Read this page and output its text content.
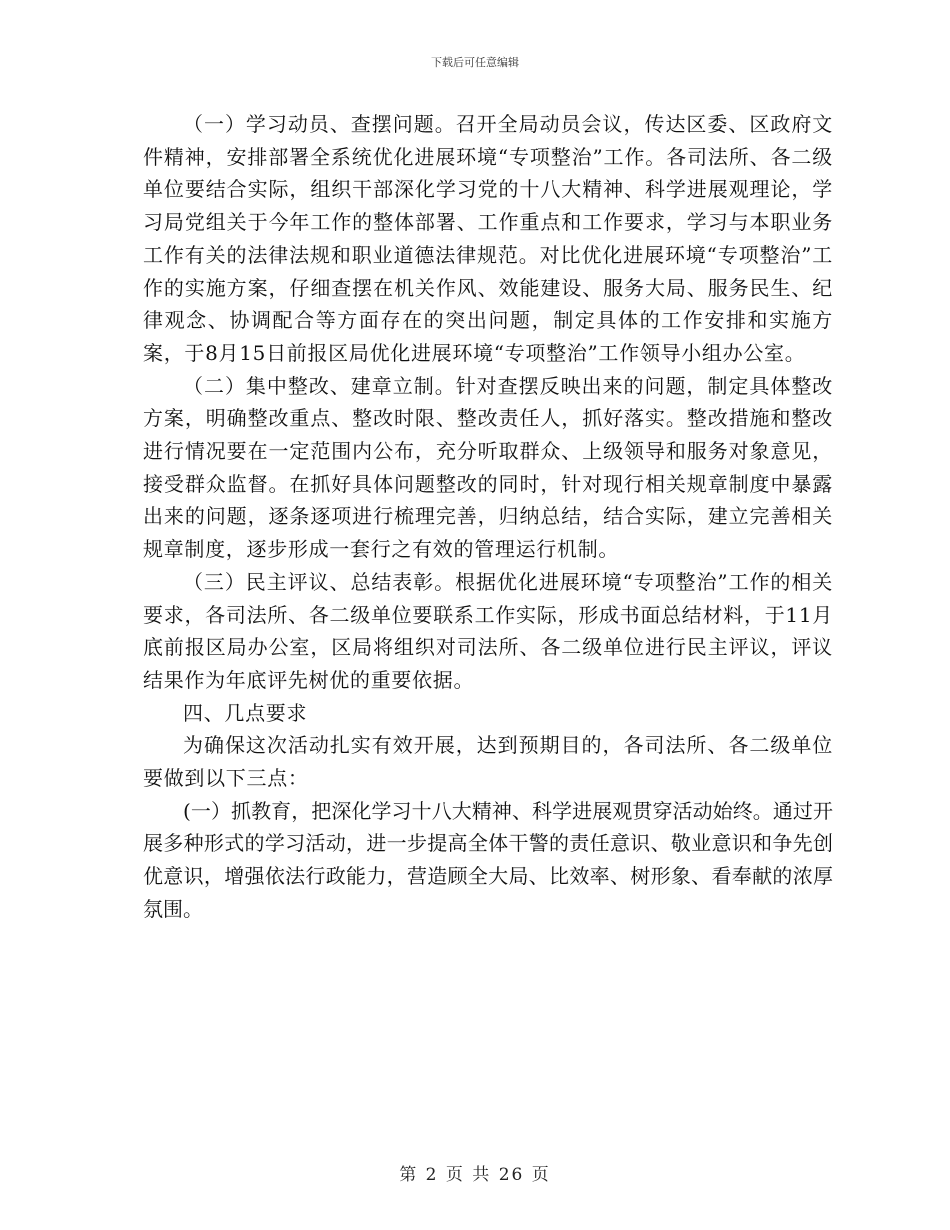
下载后可任意编辑

（一）学习动员、查摆问题。召开全局动员会议，传达区委、区政府文件精神，安排部署全系统优化进展环境“专项整治”工作。各司法所、各二级单位要结合实际，组织干部深化学习党的十八大精神、科学进展观理论，学习局党组关于今年工作的整体部署、工作重点和工作要求，学习与本职业务工作有关的法律法规和职业道德法律规范。对比优化进展环境“专项整治”工作的实施方案，仔细查摆在机关作风、效能建设、服务大局、服务民生、纪律观念、协调配合等方面存在的突出问题，制定具体的工作安排和实施方案，于8月15日前报区局优化进展环境“专项整治”工作领导小组办公室。

（二）集中整改、建章立制。针对查摆反映出来的问题，制定具体整改方案，明确整改重点、整改时限、整改责任人，抓好落实。整改措施和整改进行情况要在一定范围内公布，充分听取群众、上级领导和服务对象意见，接受群众监督。在抓好具体问题整改的同时，针对现行相关规章制度中暴露出来的问题，逐条逐项进行梳理完善，归纳总结，结合实际，建立完善相关规章制度，逐步形成一套行之有效的管理运行机制。

（三）民主评议、总结表彰。根据优化进展环境“专项整治”工作的相关要求，各司法所、各二级单位要联系工作实际，形成书面总结材料，于11月底前报区局办公室，区局将组织对司法所、各二级单位进行民主评议，评议结果作为年底评先树优的重要依据。

四、几点要求

为确保这次活动扎实有效开展，达到预期目的，各司法所、各二级单位要做到以下三点：

(一）抓教育，把深化学习十八大精神、科学进展观贯穿活动始终。通过开展多种形式的学习活动，进一步提高全体干警的责任意识、敬业意识和争先创优意识，增强依法行政能力，营造顾全大局、比效率、树形象、看奉献的浓厚氛围。

第 2 页 共 26 页
